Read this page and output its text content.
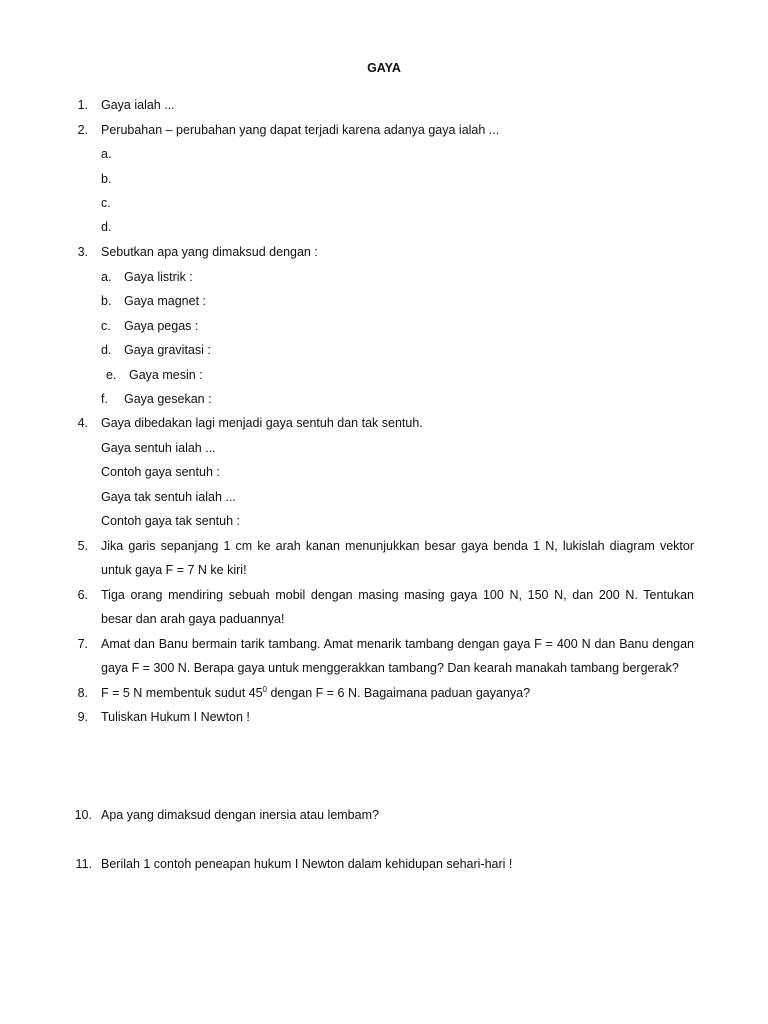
GAYA
1. Gaya ialah ...
2. Perubahan – perubahan yang dapat terjadi karena adanya gaya ialah ...
a.
b.
c.
d.
3. Sebutkan apa yang dimaksud dengan :
a. Gaya listrik :
b. Gaya magnet :
c. Gaya pegas :
d. Gaya gravitasi :
e. Gaya mesin :
f. Gaya gesekan :
4. Gaya dibedakan lagi menjadi gaya sentuh dan tak sentuh.
Gaya sentuh ialah ...
Contoh gaya sentuh :
Gaya tak sentuh ialah ...
Contoh gaya tak sentuh :
5. Jika garis sepanjang 1 cm ke arah kanan menunjukkan besar gaya benda 1 N, lukislah diagram vektor
untuk gaya F = 7 N ke kiri!
6. Tiga orang mendiring sebuah mobil dengan masing masing gaya 100 N, 150 N, dan 200 N. Tentukan
besar dan arah gaya paduannya!
7. Amat dan Banu bermain tarik tambang. Amat menarik tambang dengan gaya F = 400 N dan Banu dengan
gaya F = 300 N. Berapa gaya untuk menggerakkan tambang? Dan kearah manakah tambang bergerak?
8. F = 5 N membentuk sudut $45^0$ dengan F = 6 N. Bagaimana paduan gayanya?
9. Tuliskan Hukum I Newton !
10. Apa yang dimaksud dengan inersia atau lembam?
11. Berilah 1 contoh peneapan hukum I Newton dalam kehidupan sehari-hari !
